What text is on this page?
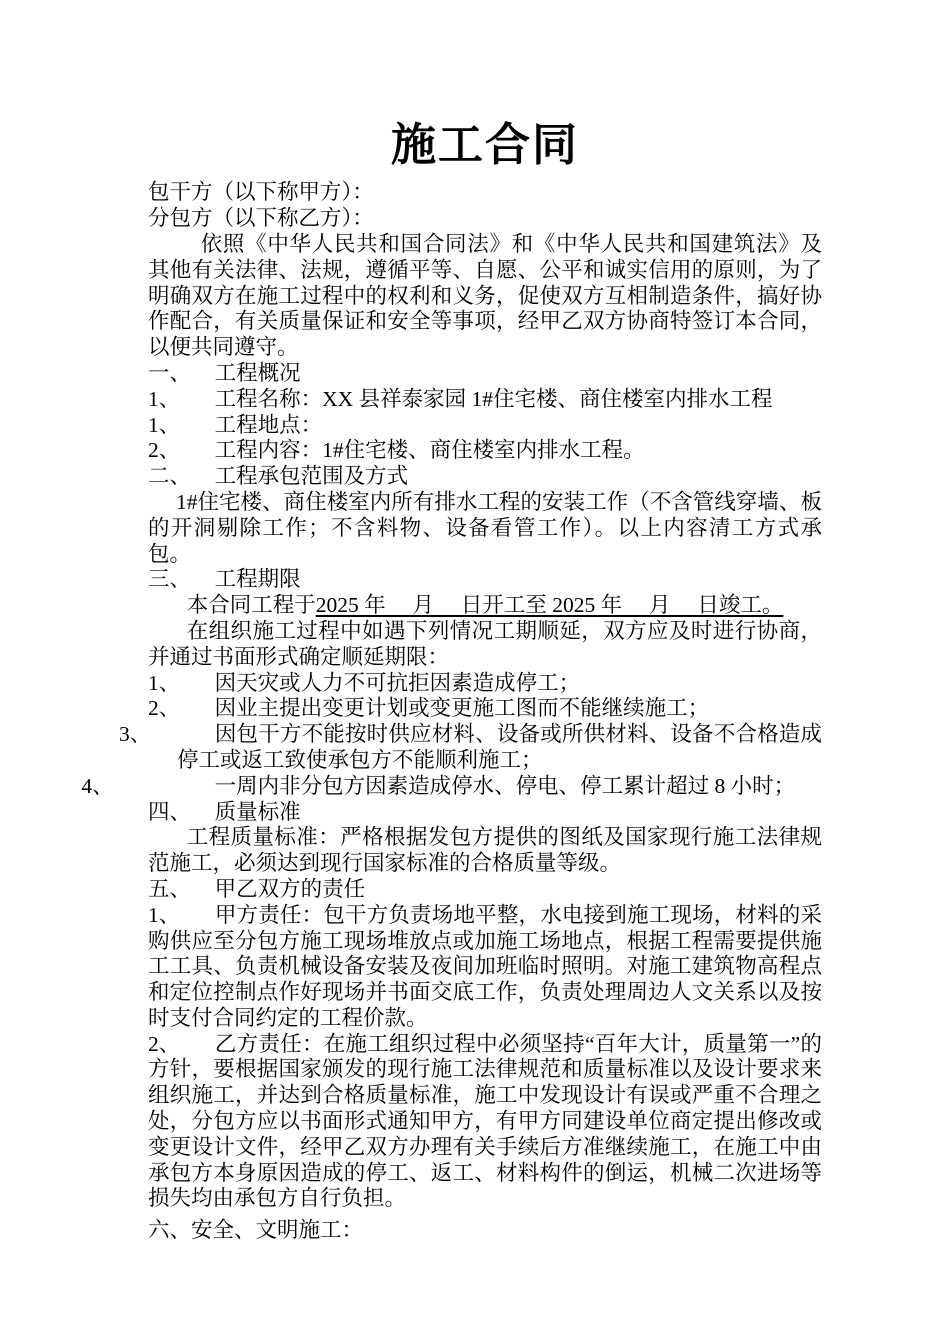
施工合同
包干方（以下称甲方）：
分包方（以下称乙方）：
依照《中华人民共和国合同法》和《中华人民共和国建筑法》及其他有关法律、法规，遵循平等、自愿、公平和诚实信用的原则，为了明确双方在施工过程中的权利和义务，促使双方互相制造条件，搞好协作配合，有关质量保证和安全等事项，经甲乙双方协商特签订本合同，以便共同遵守。
一、 工程概况
1、 工程名称：XX 县祥泰家园 1#住宅楼、商住楼室内排水工程
1、 工程地点：
2、 工程内容：1#住宅楼、商住楼室内排水工程。
二、 工程承包范围及方式
1#住宅楼、商住楼室内所有排水工程的安装工作（不含管线穿墙、板的开洞剔除工作；不含料物、设备看管工作）。以上内容清工方式承包。
三、 工程期限
本合同工程于2025 年　 月　 日开工至 2025 年　 月　 日竣工。
在组织施工过程中如遇下列情况工期顺延，双方应及时进行协商，并通过书面形式确定顺延期限：
1、 因天灾或人力不可抗拒因素造成停工；
2、 因业主提出变更计划或变更施工图而不能继续施工；
3、	因包干方不能按时供应材料、设备或所供材料、设备不合格造成停工或返工致使承包方不能顺利施工；
4、	一周内非分包方因素造成停水、停电、停工累计超过 8 小时；
四、 质量标准
工程质量标准：严格根据发包方提供的图纸及国家现行施工法律规范施工，必须达到现行国家标准的合格质量等级。
五、 甲乙双方的责任
1、 甲方责任：包干方负责场地平整，水电接到施工现场，材料的采购供应至分包方施工现场堆放点或加施工场地点，根据工程需要提供施工工具、负责机械设备安装及夜间加班临时照明。对施工建筑物高程点和定位控制点作好现场并书面交底工作，负责处理周边人文关系以及按时支付合同约定的工程价款。
2、 乙方责任：在施工组织过程中必须坚持“百年大计，质量第一”的方针，要根据国家颁发的现行施工法律规范和质量标准以及设计要求来组织施工，并达到合格质量标准，施工中发现设计有误或严重不合理之处，分包方应以书面形式通知甲方，有甲方同建设单位商定提出修改或变更设计文件，经甲乙双方办理有关手续后方准继续施工，在施工中由承包方本身原因造成的停工、返工、材料构件的倒运，机械二次进场等损失均由承包方自行负担。
六、安全、文明施工：
